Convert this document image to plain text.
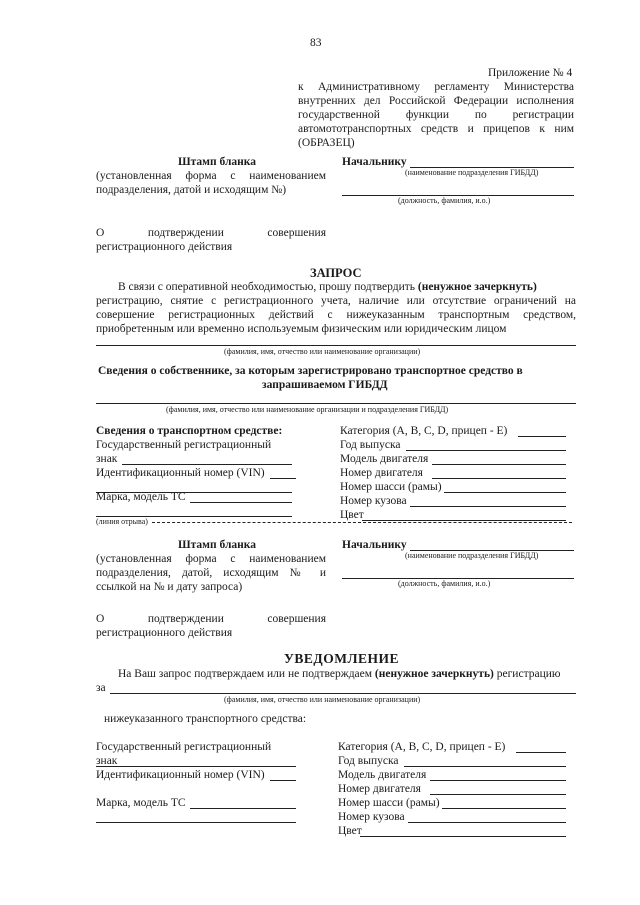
83
Приложение № 4
к Административному регламенту Министерства
внутренних дел Российской Федерации исполнения
государственной функции по регистрации
автомототранспортных средств и прицепов к ним
(ОБРАЗЕЦ)
Штамп бланка
(установленная форма с наименованием
подразделения, датой и исходящим №)
Начальнику
(наименование подразделения ГИБДД)
(должность, фамилия, и.о.)
О подтверждении совершения
регистрационного действия
ЗАПРОС
В связи с оперативной необходимостью, прошу подтвердить (ненужное зачеркнуть)
регистрацию, снятие с регистрационного учета, наличие или отсутствие ограничений на
совершение регистрационных действий с нижеуказанным транспортным средством,
приобретенным или временно используемым физическим или юридическим лицом
(фамилия, имя, отчество или наименование организации)
Сведения о собственнике, за которым зарегистрировано транспортное средство в
запрашиваемом ГИБДД
(фамилия, имя, отчество или наименование организации и подразделения ГИБДД)
Сведения о транспортном средстве:
Государственный регистрационный
знак
Идентификационный номер (VIN)
Марка, модель ТС
Категория (A, B, C, D, прицеп - E)
Год выпуска
Модель двигателя
Номер двигателя
Номер шасси (рамы)
Номер кузова
Цвет
(линия отрыва)
Штамп бланка
(установленная форма с наименованием
подразделения, датой, исходящим № и
ссылкой на № и дату запроса)
Начальнику
(наименование подразделения ГИБДД)
(должность, фамилия, и.о.)
О подтверждении совершения
регистрационного действия
УВЕДОМЛЕНИЕ
На Ваш запрос подтверждаем или не подтверждаем (ненужное зачеркнуть) регистрацию
за
(фамилия, имя, отчество или наименование организации)
нижеуказанного транспортного средства:
Государственный регистрационный
знак
Идентификационный номер (VIN)
Марка, модель ТС
Категория (A, B, C, D, прицеп - E)
Год выпуска
Модель двигателя
Номер двигателя
Номер шасси (рамы)
Номер кузова
Цвет
